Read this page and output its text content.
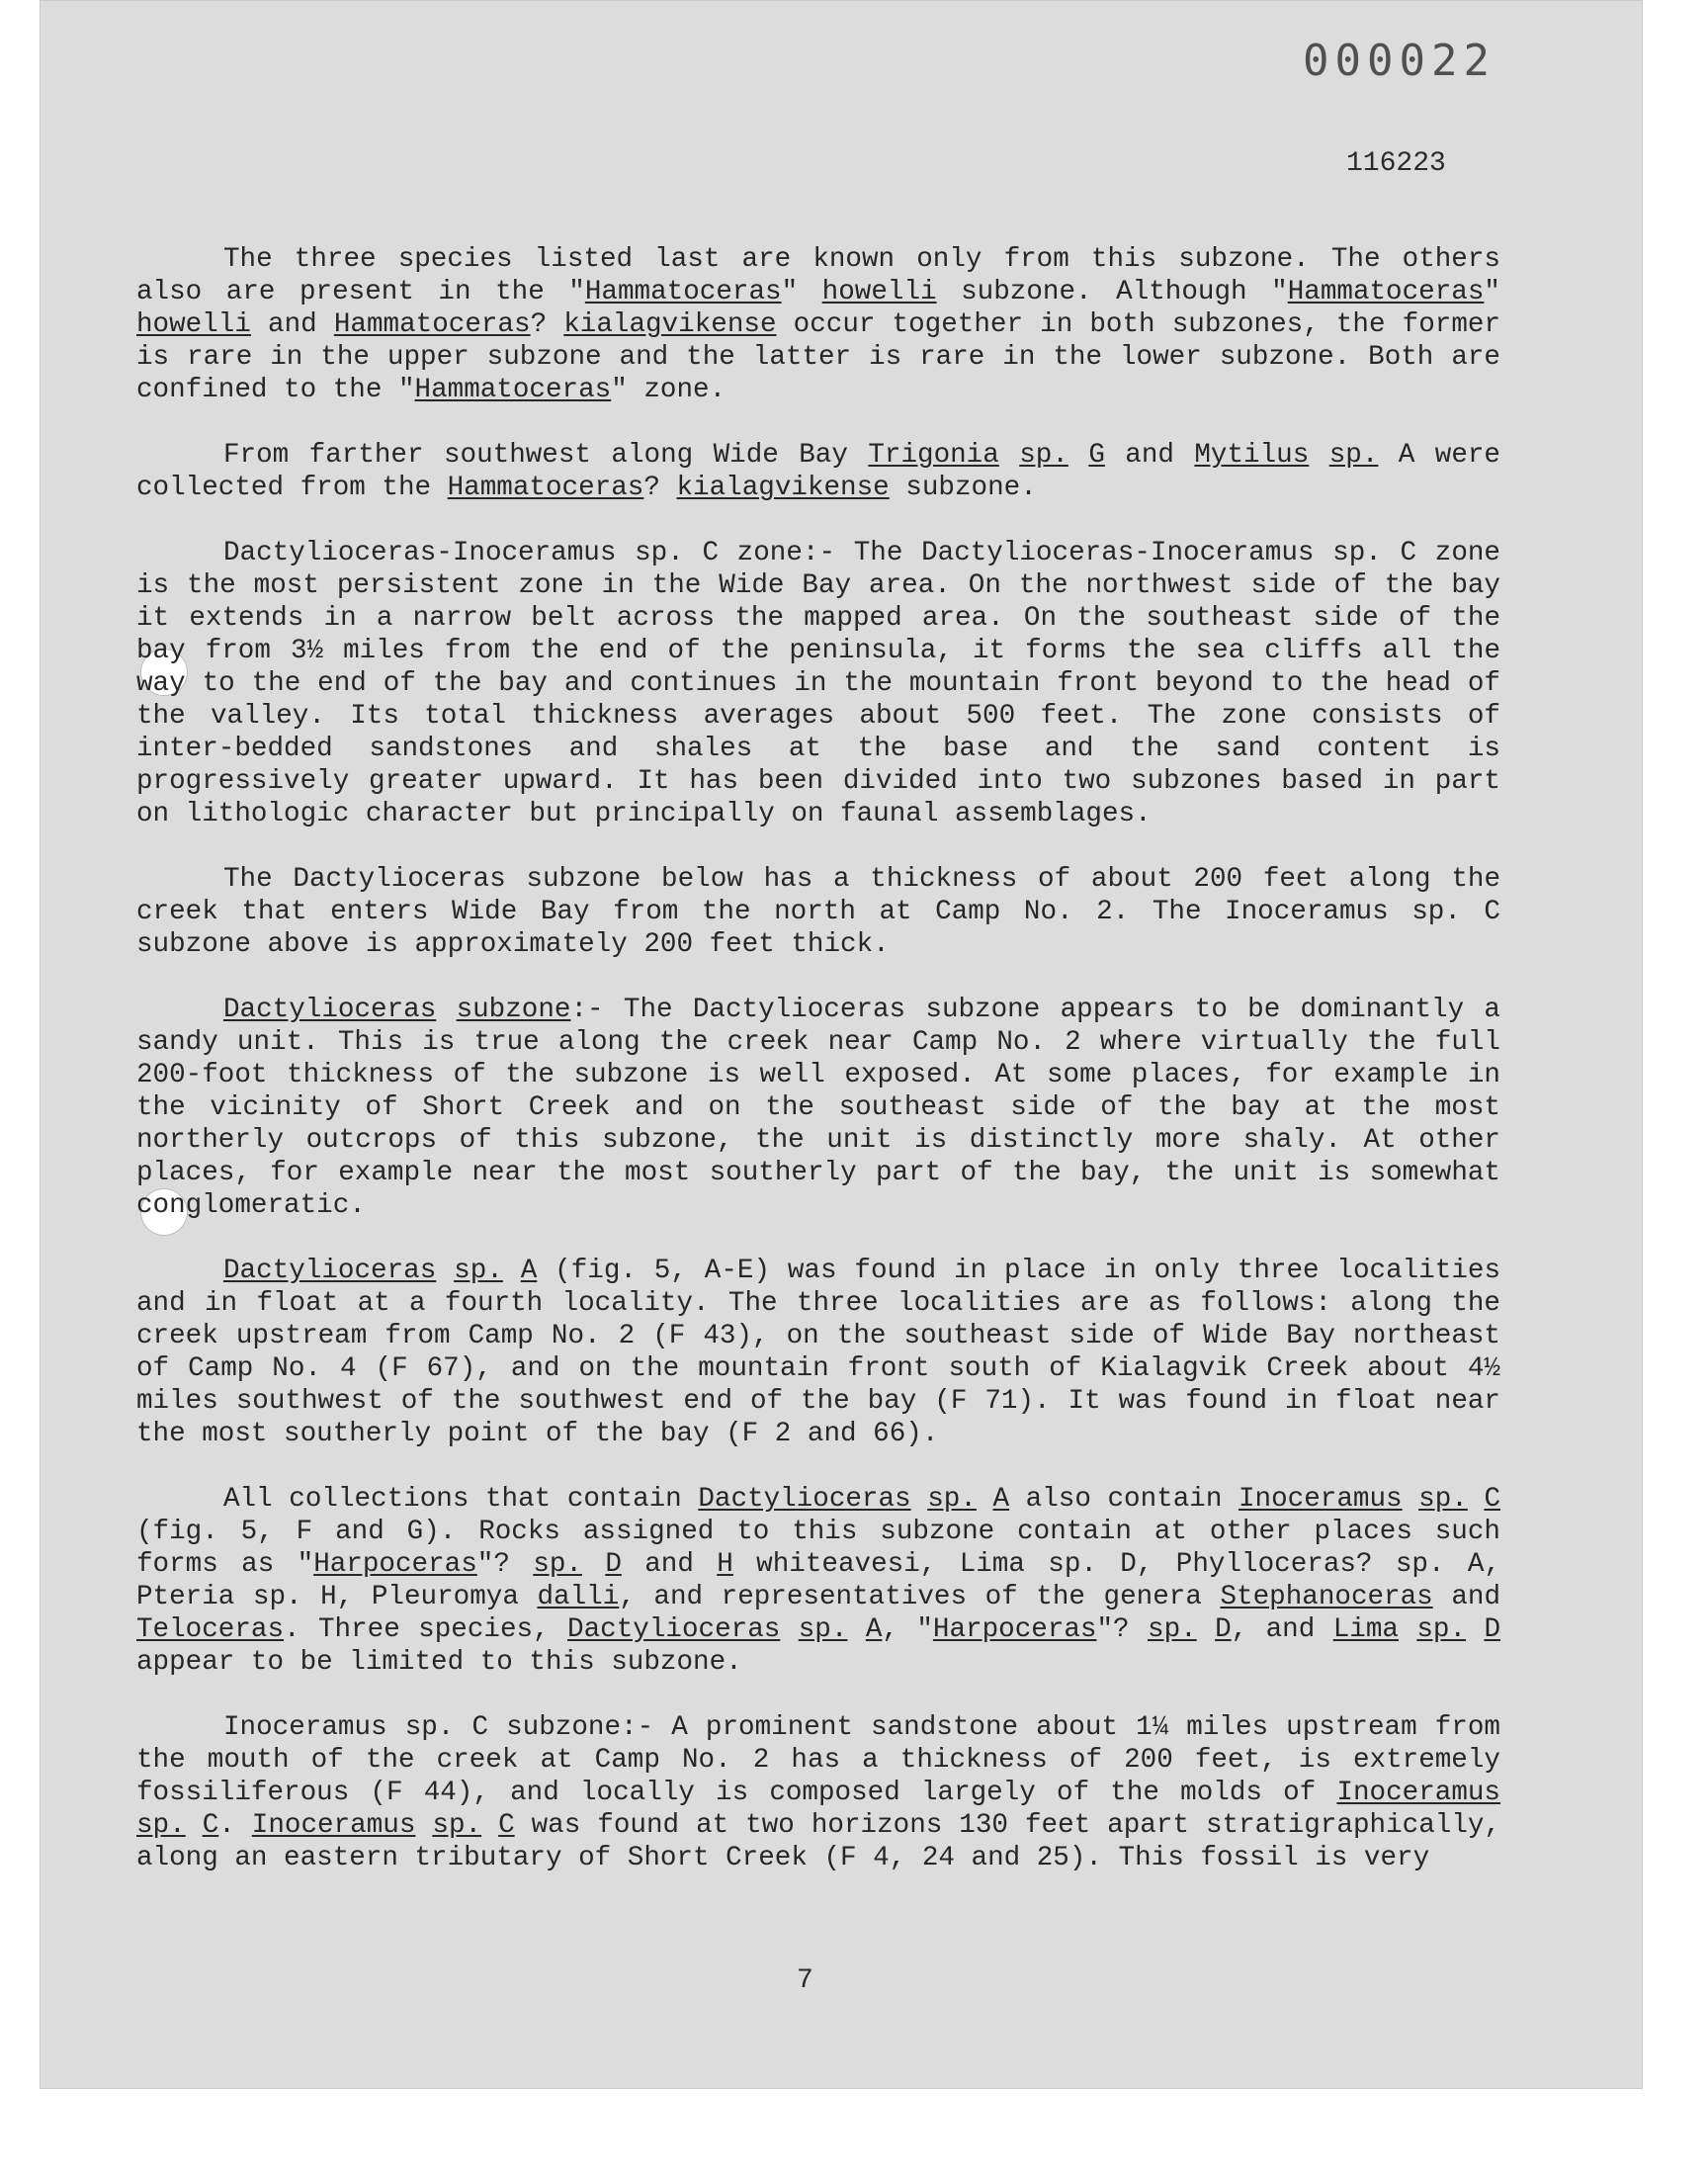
000022
116223

The three species listed last are known only from this subzone. The others also are present in the "Hammatoceras" howelli subzone. Although "Hammatoceras" howelli and Hammatoceras? kialagvikense occur together in both subzones, the former is rare in the upper subzone and the latter is rare in the lower subzone. Both are confined to the "Hammatoceras" zone.

From farther southwest along Wide Bay Trigonia sp. G and Mytilus sp. A were collected from the Hammatoceras? kialagvikense subzone.

Dactylioceras-Inoceramus sp. C zone:- The Dactylioceras-Inoceramus sp. C zone is the most persistent zone in the Wide Bay area. On the northwest side of the bay it extends in a narrow belt across the mapped area. On the southeast side of the bay from 3½ miles from the end of the peninsula, it forms the sea cliffs all the way to the end of the bay and continues in the mountain front beyond to the head of the valley. Its total thickness averages about 500 feet. The zone consists of inter-bedded sandstones and shales at the base and the sand content is progressively greater upward. It has been divided into two subzones based in part on lithologic character but principally on faunal assemblages.

The Dactylioceras subzone below has a thickness of about 200 feet along the creek that enters Wide Bay from the north at Camp No. 2. The Inoceramus sp. C subzone above is approximately 200 feet thick.

Dactylioceras subzone:- The Dactylioceras subzone appears to be dominantly a sandy unit. This is true along the creek near Camp No. 2 where virtually the full 200-foot thickness of the subzone is well exposed. At some places, for example in the vicinity of Short Creek and on the southeast side of the bay at the most northerly outcrops of this subzone, the unit is distinctly more shaly. At other places, for example near the most southerly part of the bay, the unit is somewhat conglomeratic.

Dactylioceras sp. A (fig. 5, A-E) was found in place in only three localities and in float at a fourth locality. The three localities are as follows: along the creek upstream from Camp No. 2 (F 43), on the southeast side of Wide Bay northeast of Camp No. 4 (F 67), and on the mountain front south of Kialagvik Creek about 4½ miles southwest of the southwest end of the bay (F 71). It was found in float near the most southerly point of the bay (F 2 and 66).

All collections that contain Dactylioceras sp. A also contain Inoceramus sp. C (fig. 5, F and G). Rocks assigned to this subzone contain at other places such forms as "Harpoceras"? sp. D and H whiteavesi, Lima sp. D, Phylloceras? sp. A, Pteria sp. H, Pleuromya dalli, and representatives of the genera Stephanoceras and Teloceras. Three species, Dactylioceras sp. A, "Harpoceras"? sp. D, and Lima sp. D appear to be limited to this subzone.

Inoceramus sp. C subzone:- A prominent sandstone about 1¼ miles upstream from the mouth of the creek at Camp No. 2 has a thickness of 200 feet, is extremely fossiliferous (F 44), and locally is composed largely of the molds of Inoceramus sp. C. Inoceramus sp. C was found at two horizons 130 feet apart stratigraphically, along an eastern tributary of Short Creek (F 4, 24 and 25). This fossil is very

7
